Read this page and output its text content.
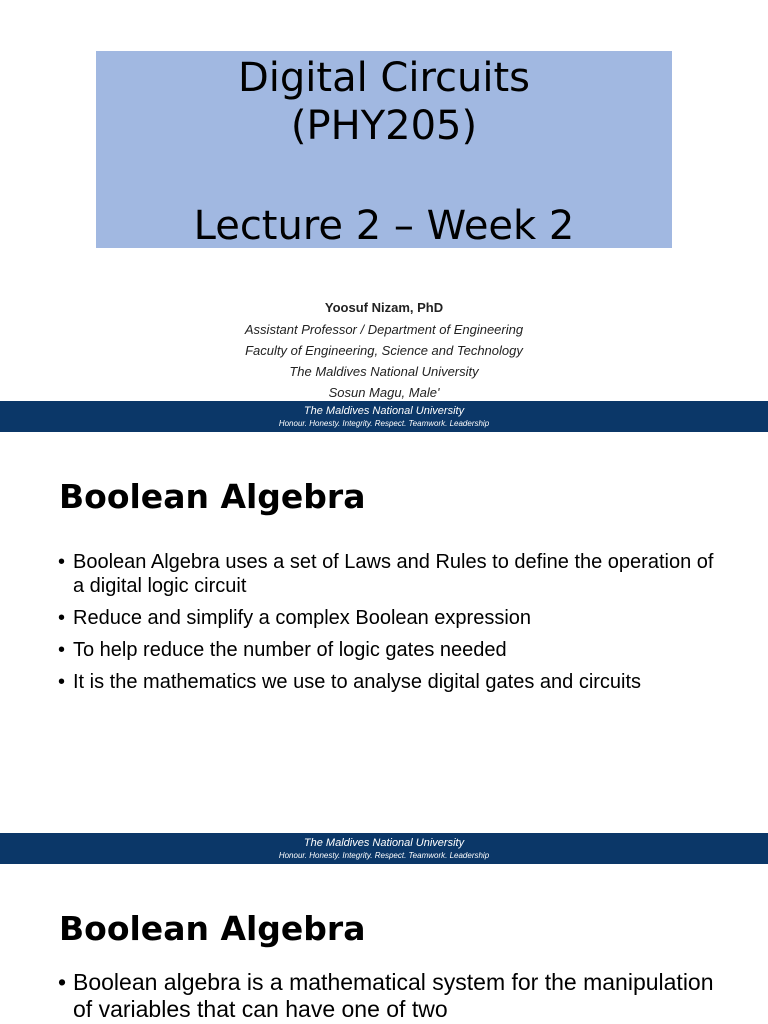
Digital Circuits
(PHY205)
Lecture 2 – Week 2
Yoosuf Nizam, PhD
Assistant Professor / Department of Engineering
Faculty of Engineering, Science and Technology
The Maldives National University
Sosun Magu, Male'
The Maldives National University
Honour. Honesty. Integrity. Respect. Teamwork. Leadership
Boolean Algebra
• Boolean Algebra uses a set of Laws and Rules to define the operation of a digital logic circuit
• Reduce and simplify a complex Boolean expression
• To help reduce the number of logic gates needed
• It is the mathematics we use to analyse digital gates and circuits
The Maldives National University
Honour. Honesty. Integrity. Respect. Teamwork. Leadership
Boolean Algebra
• Boolean algebra is a mathematical system for the manipulation of variables that can have one of two
